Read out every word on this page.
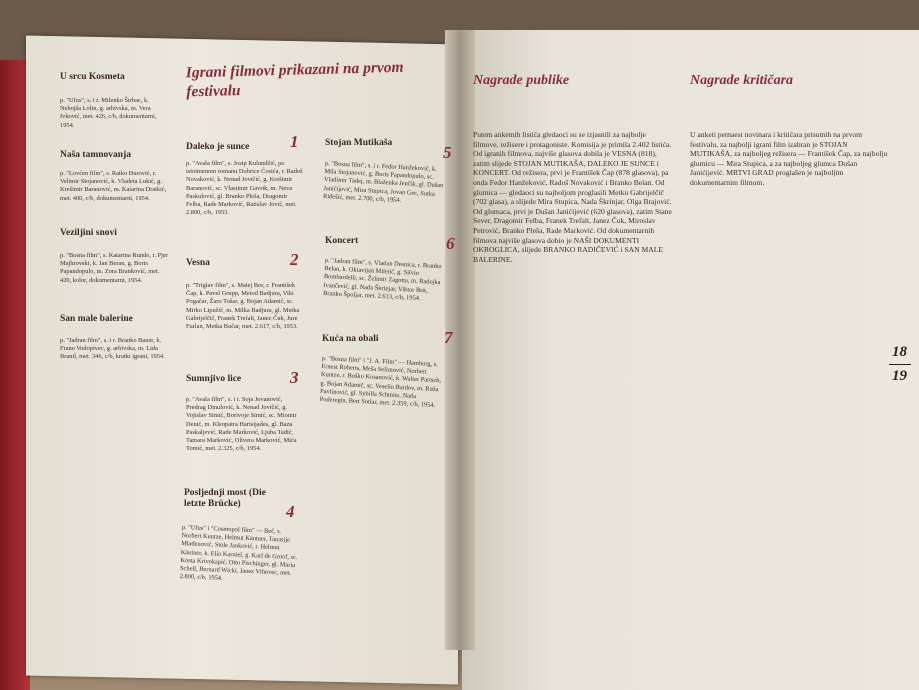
U srcu Kosmeta
p. "Ufus", s. i r. Milenko Štrbac, k. Nebojša Lolin, g. arhivska, m. Vera Ivković, met. 426, c/b, dokumentarni, 1954.
Naša tamnovanja
p. "Lovćen film", s. Ratko Đurović, r. Velimir Stojanović, k. Vladeta Lukić, g. Krešimir Baranović, m. Katarina Dratkić, met. 400, c/b, dokumentarni, 1954.
Veziljini snovi
p. "Bosna film", s. Katarina Rundo, r. Pjer Majhrovski, k. Jan Beran, g. Boris Papandopulo, m. Zora Branković, met. 420, kolor, dokumentarni, 1954.
San male balerine
p. "Jadran film", s. i r. Branko Bauer, k. Frano Vodopivec, g. arhivska, m. Lida Branil, met. 346, c/b, kratki igrani, 1954.
Igrani filmovi prikazani na prvom festivalu
Daleko je sunce 1
p. "Avala film", s. Josip Kulundžić, po istoimenom romanu Dobrice Ćosića, r. Radoš Novaković, k. Nenad Jovičić, g. Krešimir Baranović, sc. Vlastimir Gavrik, m. Neva Paskulović, gl. Branko Pleša, Dragomir Felba, Rade Marković, Ratislav Jović, met. 2.800, c/b, 1953.
Vesna	2
p. "Triglav film", s. Matej Bor, r. František Čap, k. Pavel Grupp, Metod Badjura, Viki Pogačar, Žaro Tušar, g. Bojan Adamič, sc. Mirko Lipužič, m. Milka Badjura, gl. Metka Gabrijelčič, Franek Trefalt, Janez Čuk, Jure Furlan, Metka Bučar, met. 2.617, c/b, 1953.
Sumnjivo lice	3
p. "Avala film", s. i r. Soja Jovanović, Predrag Dinulović, k. Nenad Jovičić, g. Vojislav Simić, Borivoje Simić, sc. Miomir Denić, m. Kleopatra Harisijades, gl. Baza Paskaljević, Rade Marković, Ljuba Tadić, Tamara Marković, Olivera Marković, Mića Tomić, met. 2.325, c/b, 1954.
Posljednji most (Die letzte Brücke)	4
p. "Ufus" i "Cosmopol film" — Beč, s. Norbert Kuntze, Helmut Käutner, Tanasije Mladenović, Stole Janković, r. Helmut Käutner, k. Elio Karniel, g. Karl de Groof, sc. Kosta Krivokapić, Otto Pischinger, gl. Maria Schell, Bernard Wicki, Janez Vrhovec, met. 2.800, c/b, 1954.
Stojan Mutikaša	5
p. "Bosna film", s. i r. Fedor Hanžeković, k. Mila Stojanović, g. Boris Papandopulo, sc. Vladimir Tadej, m. Blaženka Jenčik, gl. Dušan Janićijević, Mira Stupica, Jovan Gec, Sutka Riđešić, met. 2.700, c/b, 1954.
Koncert	6
p. "Jadran film", s. Vladan Desnica, r. Branko Belan, k. Oktavijan Miletić, g. Silvio Bombardelli, sc. Želimir Zagotta, m. Radojka Ivančević, gl. Nada Škrinjar, Viktor Bek, Branko Špoljar, met. 2.613, c/b, 1954.
Kuća na obali	7
p. "Bosna film" i "J. A. Film" — Hamburg, s. Ernest Roberts, Meša Selimović, Norbert Kuntze, r. Boško Kosanović, k. Walter Partsch, g. Bojan Adamič, sc. Veselin Bardov, m. Ruža Pavlinović, gl. Sybilla Schmitz, Nada Poderegin, Bert Sotlar, met. 2.359, c/b, 1954.
Nagrade publike
Putem anketnih listića gledaoci su se izjasnili za najbolje filmove, režisere i protagoniste. Komisija je primila 2.402 listića. Od igranih filmova, najviše glasova dobila je VESNA (818), zatim slijede STOJAN MUTIKAŠA, DALEKO JE SUNCE i KONCERT. Od režisera, prvi je František Čap (878 glasova), pa onda Fedor Hanžeković, Radoš Novaković i Branko Belan. Od glumica — gledaoci su najboljom proglasili Metku Gabrijelčič (702 glasa), a slijede Mira Stupica, Nada Škrinjar, Olga Brajović. Od glumaca, prvi je Dušan Janićijević (620 glasova), zatim Stane Sever, Dragomir Felba, Franek Trefalt, Janez Čuk, Miroslav Petrović, Branko Pleša, Rade Marković. Od dokumentarnih filmova najviše glasova dobio je NAŠI DOKUMENTI OKROGLICA, slijede BRANKO RADIČEVIĆ i SAN MALE BALERINE.
Nagrade kritičara
U anketi petnaest novinara i kritičara prisutnih na prvom festivalu, za najbolji igrani film izabran je STOJAN MUTIKAŠA, za najboljeg režisera — František Čap, za najbolju glumicu — Mira Stupica, a za najboljeg glumca Dušan Janićijević. MRTVI GRAD proglašen je najboljim dokumentarnim filmom.
18
19
